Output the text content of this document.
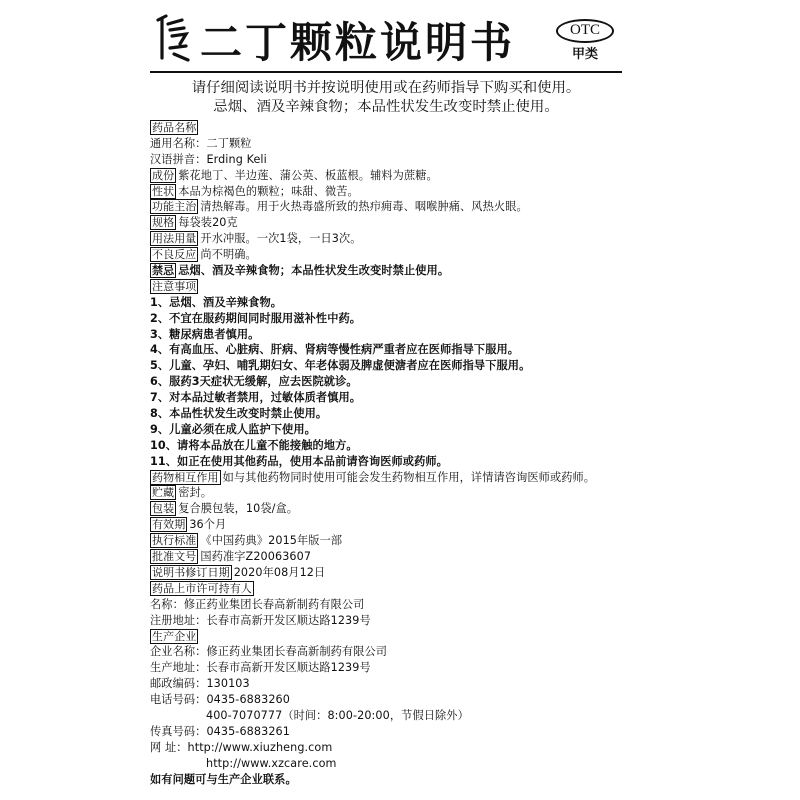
二丁颗粒说明书	OTC
甲类
请仔细阅读说明书并按说明使用或在药师指导下购买和使用。
忌烟、酒及辛辣食物；本品性状发生改变时禁止使用。
药品名称
通用名称：二丁颗粒
汉语拼音：Erding Keli
成份 紫花地丁、半边莲、蒲公英、板蓝根。辅料为蔗糖。
性状 本品为棕褐色的颗粒；味甜、微苦。
功能主治 清热解毒。用于火热毒盛所致的热疖痈毒、咽喉肿痛、风热火眼。
规格 每袋装20克
用法用量 开水冲服。一次1袋，一日3次。
不良反应 尚不明确。
禁忌 忌烟、酒及辛辣食物；本品性状发生改变时禁止使用。
注意事项
1、忌烟、酒及辛辣食物。
2、不宜在服药期间同时服用滋补性中药。
3、糖尿病患者慎用。
4、有高血压、心脏病、肝病、肾病等慢性病严重者应在医师指导下服用。
5、儿童、孕妇、哺乳期妇女、年老体弱及脾虚便溏者应在医师指导下服用。
6、服药3天症状无缓解，应去医院就诊。
7、对本品过敏者禁用，过敏体质者慎用。
8、本品性状发生改变时禁止使用。
9、儿童必须在成人监护下使用。
10、请将本品放在儿童不能接触的地方。
11、如正在使用其他药品，使用本品前请咨询医师或药师。
药物相互作用 如与其他药物同时使用可能会发生药物相互作用，详情请咨询医师或药师。
贮藏 密封。
包装 复合膜包装，10袋/盒。
有效期 36个月
执行标准 《中国药典》2015年版一部
批准文号 国药准字Z20063607
说明书修订日期 2020年08月12日
药品上市许可持有人
名称：修正药业集团长春高新制药有限公司
注册地址：长春市高新开发区顺达路1239号
生产企业
企业名称：修正药业集团长春高新制药有限公司
生产地址：长春市高新开发区顺达路1239号
邮政编码：130103
电话号码：0435-6883260
400-7070777（时间：8:00-20:00，节假日除外）
传真号码：0435-6883261
网 址：http://www.xiuzheng.com
http://www.xzcare.com
如有问题可与生产企业联系。
